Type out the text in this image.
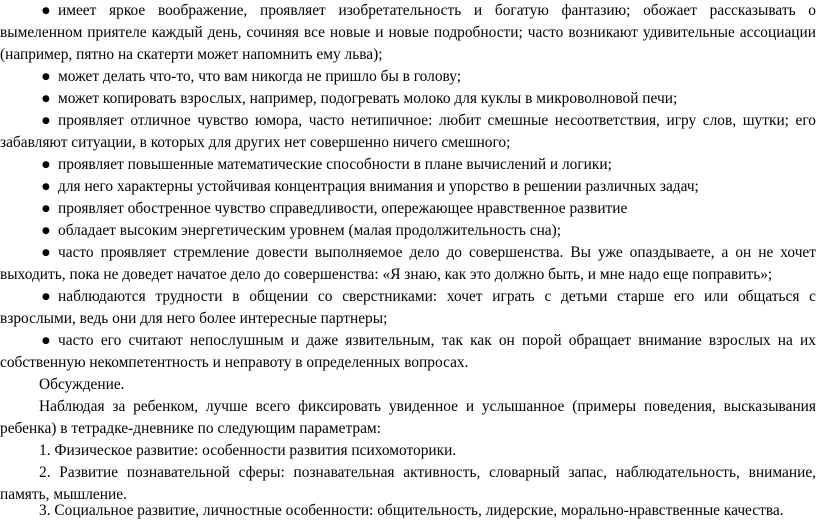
● имеет яркое воображение, проявляет изобретательность и богатую фантазию; обожает рассказывать о
вымеленном приятеле каждый день, сочиняя все новые и новые подробности; часто возникают удивительные ассоциации
(например, пятно на скатерти может напомнить ему льва);
● может делать что-то, что вам никогда не пришло бы в голову;
● может копировать взрослых, например, подогревать молоко для куклы в микроволновой печи;
● проявляет отличное чувство юмора, часто нетипичное: любит смешные несоответствия, игру слов, шутки; его
забавляют ситуации, в которых для других нет совершенно ничего смешного;
● проявляет повышенные математические способности в плане вычислений и логики;
● для него характерны устойчивая концентрация внимания и упорство в решении различных задач;
● проявляет обостренное чувство справедливости, опережающее нравственное развитие
● обладает высоким энергетическим уровнем (малая продолжительность сна);
● часто проявляет стремление довести выполняемое дело до совершенства. Вы уже опаздываете, а он не хочет
выходить, пока не доведет начатое дело до совершенства: «Я знаю, как это должно быть, и мне надо еще поправить»;
● наблюдаются трудности в общении со сверстниками: хочет играть с детьми старше его или общаться с
взрослыми, ведь они для него более интересные партнеры;
● часто его считают непослушным и даже язвительным, так как он порой обращает внимание взрослых на их
собственную некомпетентность и неправоту в определенных вопросах.
Обсуждение.
Наблюдая за ребенком, лучше всего фиксировать увиденное и услышанное (примеры поведения, высказывания
ребенка) в тетрадке-дневнике по следующим параметрам:
1. Физическое развитие: особенности развития психомоторики.
2. Развитие познавательной сферы: познавательная активность, словарный запас, наблюдательность, внимание,
память, мышление.
3. Социальное развитие, личностные особенности: общительность, лидерские, морально-нравственные качества.
